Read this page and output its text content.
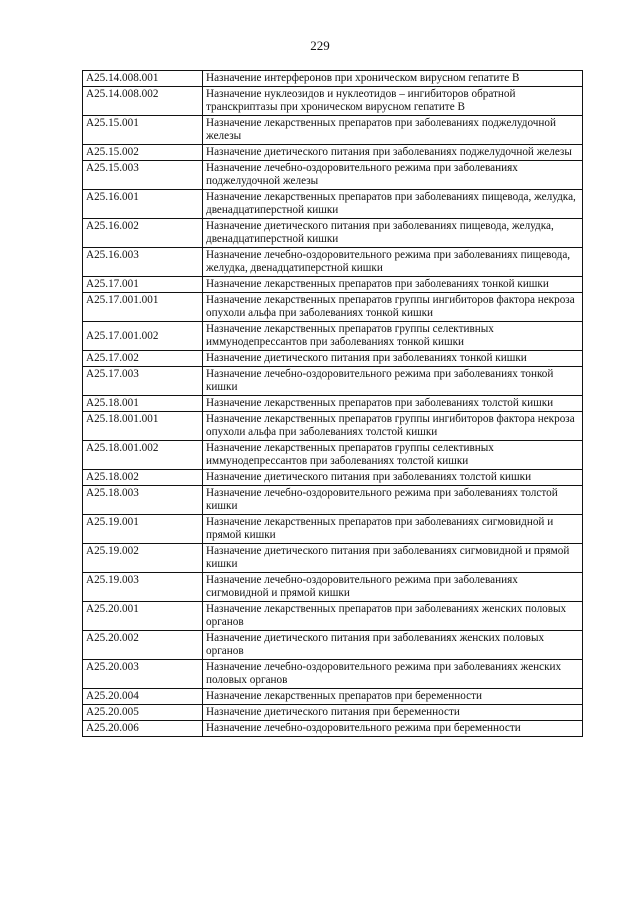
229
A25.14.008.001	Назначение интерферонов при хроническом вирусном гепатите В
A25.14.008.002	Назначение нуклеозидов и нуклеотидов – ингибиторов обратной транскриптазы при хроническом вирусном гепатите В
A25.15.001	Назначение лекарственных препаратов при заболеваниях поджелудочной железы
A25.15.002	Назначение диетического питания при заболеваниях поджелудочной железы
A25.15.003	Назначение лечебно-оздоровительного режима при заболеваниях поджелудочной железы
A25.16.001	Назначение лекарственных препаратов при заболеваниях пищевода, желудка, двенадцатиперстной кишки
A25.16.002	Назначение диетического питания при заболеваниях пищевода, желудка, двенадцатиперстной кишки
A25.16.003	Назначение лечебно-оздоровительного режима при заболеваниях пищевода, желудка, двенадцатиперстной кишки
A25.17.001	Назначение лекарственных препаратов при заболеваниях тонкой кишки
A25.17.001.001	Назначение лекарственных препаратов группы ингибиторов фактора некроза опухоли альфа при заболеваниях тонкой кишки
A25.17.001.002	Назначение лекарственных препаратов группы селективных иммунодепрессантов при заболеваниях тонкой кишки
A25.17.002	Назначение диетического питания при заболеваниях тонкой кишки
A25.17.003	Назначение лечебно-оздоровительного режима при заболеваниях тонкой кишки
A25.18.001	Назначение лекарственных препаратов при заболеваниях толстой кишки
A25.18.001.001	Назначение лекарственных препаратов группы ингибиторов фактора некроза опухоли альфа при заболеваниях толстой кишки
A25.18.001.002	Назначение лекарственных препаратов группы селективных иммунодепрессантов при заболеваниях толстой кишки
A25.18.002	Назначение диетического питания при заболеваниях толстой кишки
A25.18.003	Назначение лечебно-оздоровительного режима при заболеваниях толстой кишки
A25.19.001	Назначение лекарственных препаратов при заболеваниях сигмовидной и прямой кишки
A25.19.002	Назначение диетического питания при заболеваниях сигмовидной и прямой кишки
A25.19.003	Назначение лечебно-оздоровительного режима при заболеваниях сигмовидной и прямой кишки
A25.20.001	Назначение лекарственных препаратов при заболеваниях женских половых органов
A25.20.002	Назначение диетического питания при заболеваниях женских половых органов
A25.20.003	Назначение лечебно-оздоровительного режима при заболеваниях женских половых органов
A25.20.004	Назначение лекарственных препаратов при беременности
A25.20.005	Назначение диетического питания при беременности
A25.20.006	Назначение лечебно-оздоровительного режима при беременности
